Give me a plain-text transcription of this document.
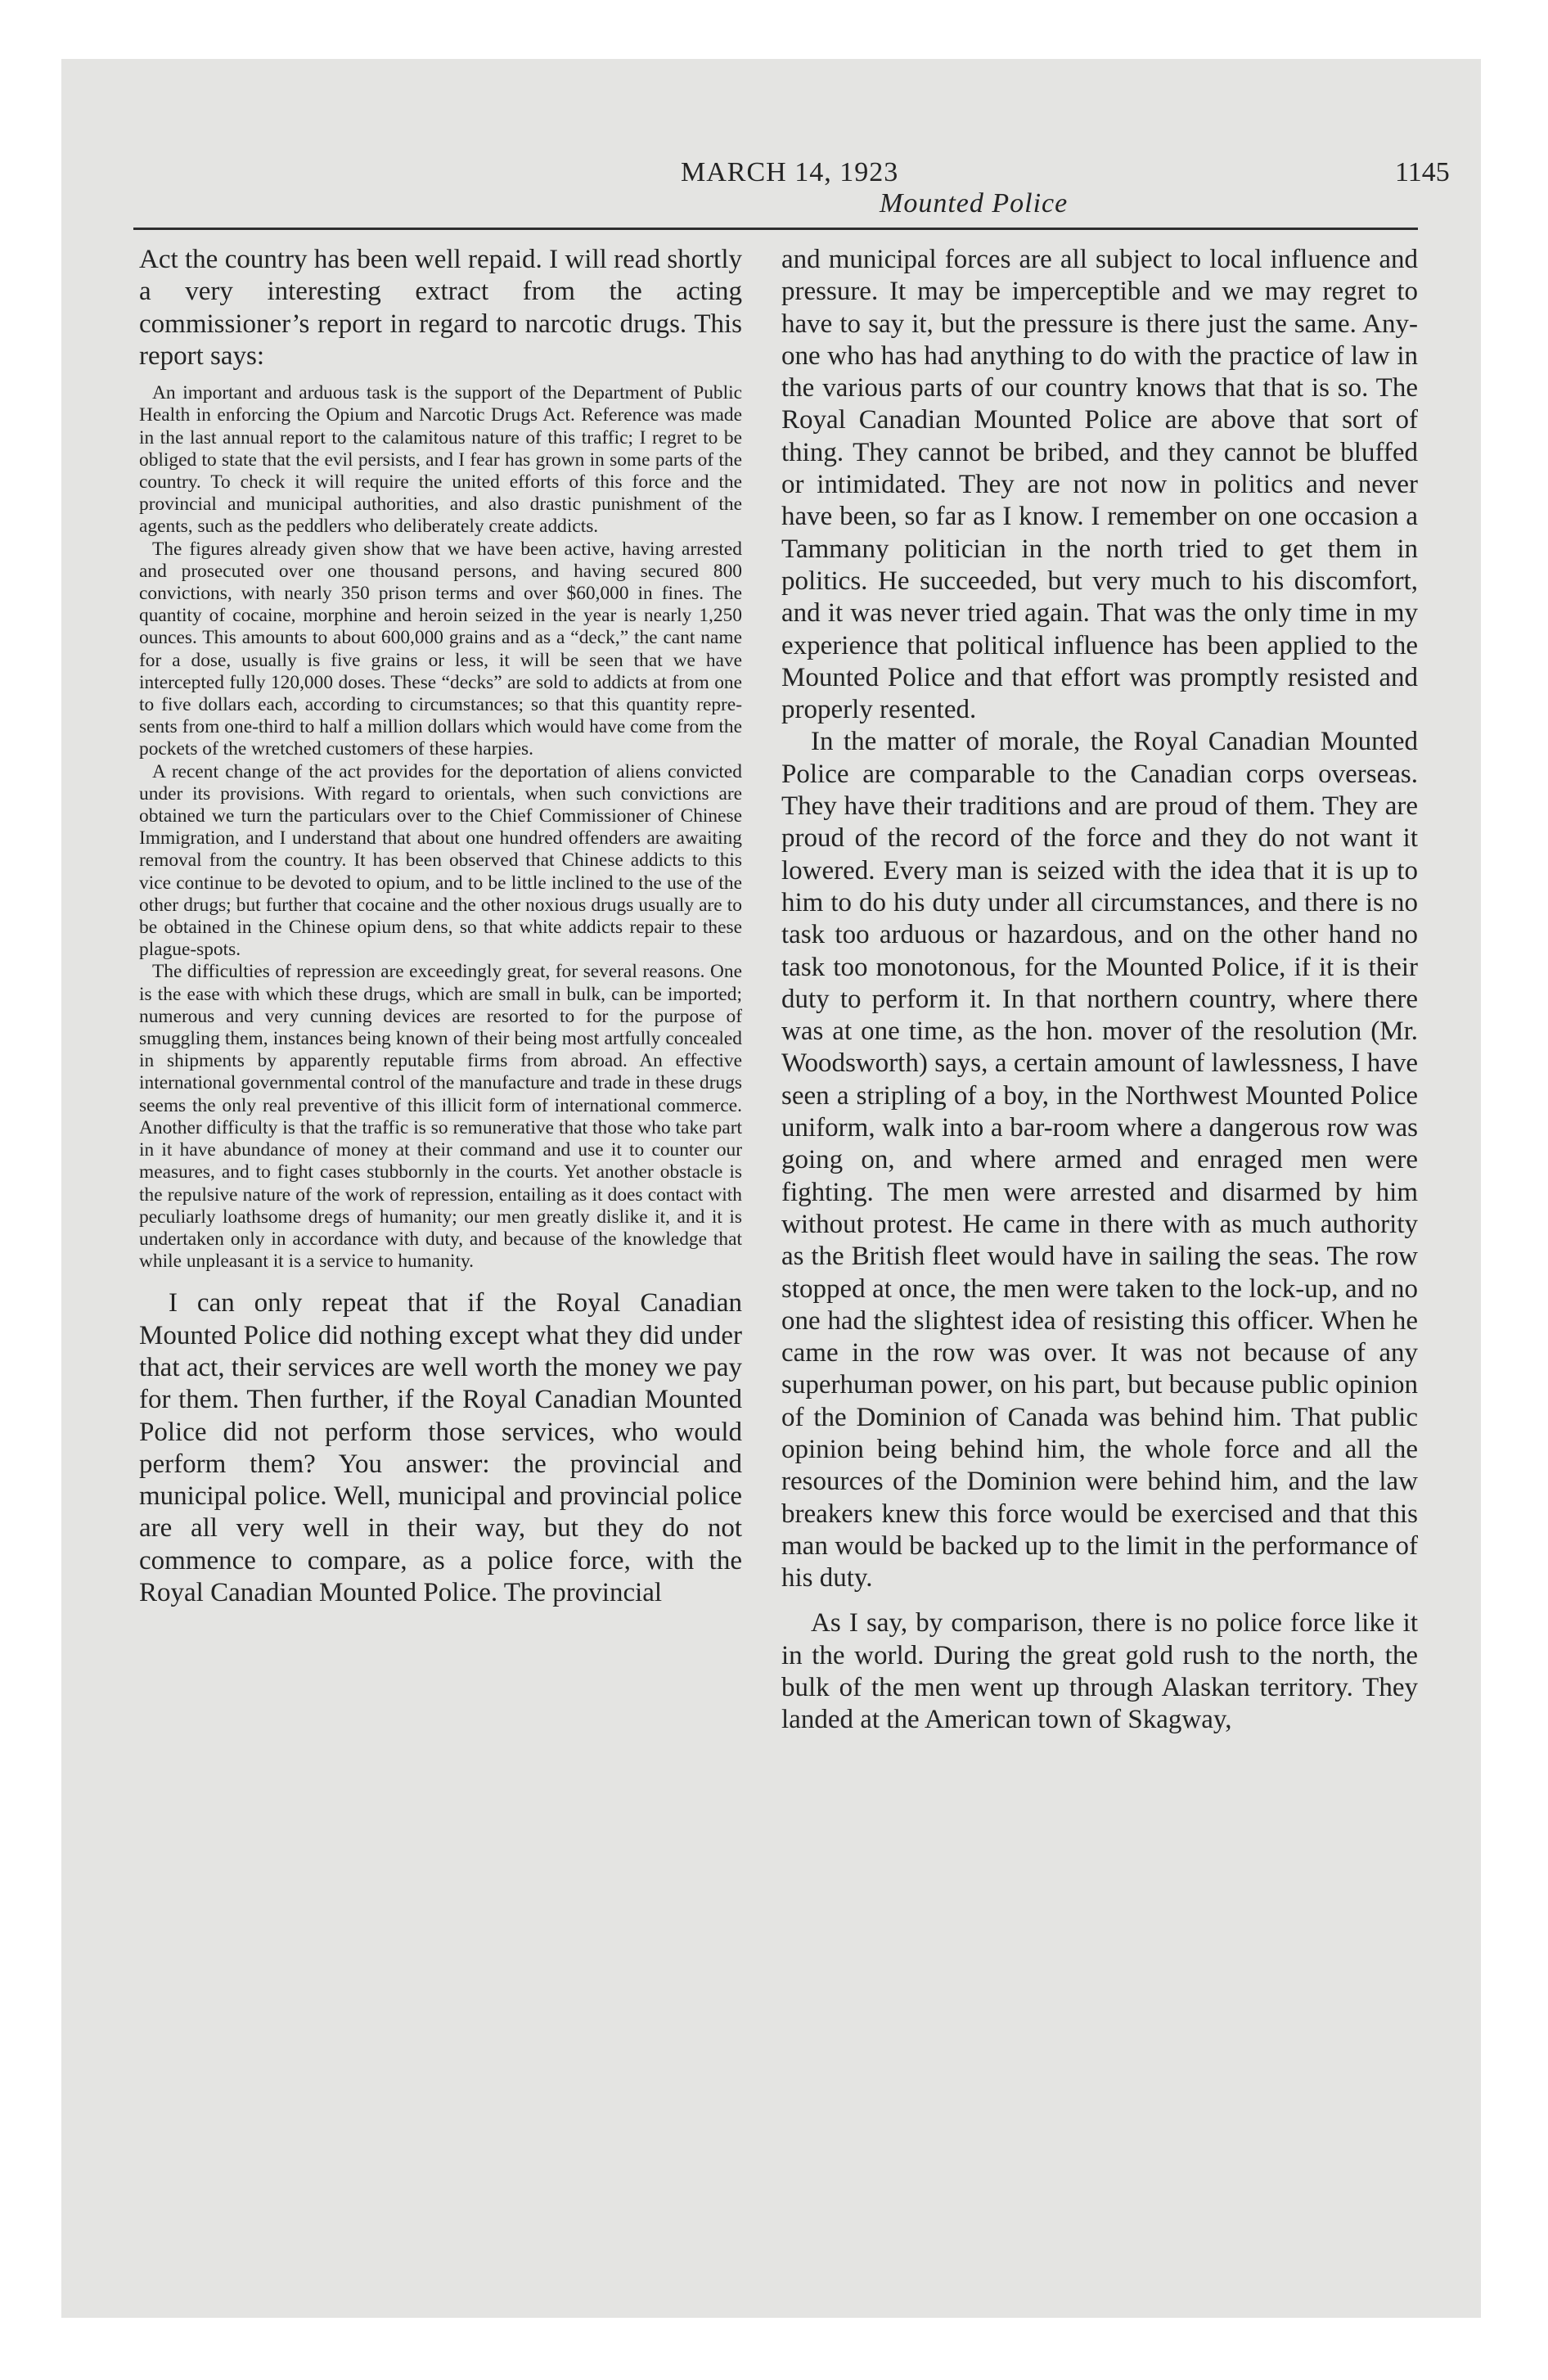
MARCH 14, 1923
Mounted Police
1145

Act the country has been well repaid. I will read shortly a very interesting extract from the acting commissioner’s report in regard to narcotic drugs. This report says:

An important and arduous task is the support of the Department of Public Health in enforcing the Opium and Narcotic Drugs Act. Reference was made in the last annual report to the calamitous nature of this traffic; I regret to be obliged to state that the evil persists, and I fear has grown in some parts of the country. To check it will require the united efforts of this force and the provincial and municipal authorities, and also drastic punishment of the agents, such as the peddlers who deliberately create addicts.

The figures already given show that we have been active, having arrested and prosecuted over one thousand persons, and having secured 800 convictions, with nearly 350 prison terms and over $60,000 in fines. The quantity of cocaine, morphine and heroin seized in the year is nearly 1,250 ounces. This amounts to about 600,000 grains and as a “deck,” the cant name for a dose, usually is five grains or less, it will be seen that we have intercepted fully 120,000 doses. These “decks” are sold to addicts at from one to five dollars each, according to circumstances; so that this quantity represents from one-third to half a million dollars which would have come from the pockets of the wretched customers of these harpies.

A recent change of the act provides for the deportation of aliens convicted under its provisions. With regard to orientals, when such convictions are obtained we turn the particulars over to the Chief Commissioner of Chinese Immigration, and I understand that about one hundred offenders are awaiting removal from the country. It has been observed that Chinese addicts to this vice continue to be devoted to opium, and to be little inclined to the use of the other drugs; but further that cocaine and the other noxious drugs usually are to be obtained in the Chinese opium dens, so that white addicts repair to these plague-spots.

The difficulties of repression are exceedingly great, for several reasons. One is the ease with which these drugs, which are small in bulk, can be imported; numerous and very cunning devices are resorted to for the purpose of smuggling them, instances being known of their being most artfully concealed in shipments by apparently reputable firms from abroad. An effective international governmental control of the manufacture and trade in these drugs seems the only real preventive of this illicit form of international commerce. Another difficulty is that the traffic is so remunerative that those who take part in it have abundance of money at their command and use it to counter our measures, and to fight cases stubbornly in the courts. Yet another obstacle is the repulsive nature of the work of repression, entailing as it does contact with peculiarly loathsome dregs of humanity; our men greatly dislike it, and it is undertaken only in accordance with duty, and because of the knowledge that while unpleasant it is a service to humanity.

I can only repeat that if the Royal Canadian Mounted Police did nothing except what they did under that act, their services are well worth the money we pay for them. Then further, if the Royal Canadian Mounted Police did not perform those services, who would perform them? You answer: the provincial and municipal police. Well, municipal and provincial police are all very well in their way, but they do not commence to compare, as a police force, with the Royal Canadian Mounted Police. The provincial

and municipal forces are all subject to local influence and pressure. It may be imperceptible and we may regret to have to say it, but the pressure is there just the same. Anyone who has had anything to do with the practice of law in the various parts of our country knows that that is so. The Royal Canadian Mounted Police are above that sort of thing. They cannot be bribed, and they cannot be bluffed or intimidated. They are not now in politics and never have been, so far as I know. I remember on one occasion a Tammany politician in the north tried to get them in politics. He succeeded, but very much to his discomfort, and it was never tried again. That was the only time in my experience that political influence has been applied to the Mounted Police and that effort was promptly resisted and properly resented.

In the matter of morale, the Royal Canadian Mounted Police are comparable to the Canadian corps overseas. They have their traditions and are proud of them. They are proud of the record of the force and they do not want it lowered. Every man is seized with the idea that it is up to him to do his duty under all circumstances, and there is no task too arduous or hazardous, and on the other hand no task too monotonous, for the Mounted Police, if it is their duty to perform it. In that northern country, where there was at one time, as the hon. mover of the resolution (Mr. Woodsworth) says, a certain amount of lawlessness, I have seen a stripling of a boy, in the Northwest Mounted Police uniform, walk into a bar-room where a dangerous row was going on, and where armed and enraged men were fighting. The men were arrested and disarmed by him without protest. He came in there with as much authority as the British fleet would have in sailing the seas. The row stopped at once, the men were taken to the lock-up, and no one had the slightest idea of resisting this officer. When he came in the row was over. It was not because of any superhuman power, on his part, but because public opinion of the Dominion of Canada was behind him. That public opinion being behind him, the whole force and all the resources of the Dominion were behind him, and the law breakers knew this force would be exercised and that this man would be backed up to the limit in the performance of his duty.

As I say, by comparison, there is no police force like it in the world. During the great gold rush to the north, the bulk of the men went up through Alaskan territory. They landed at the American town of Skagway,
